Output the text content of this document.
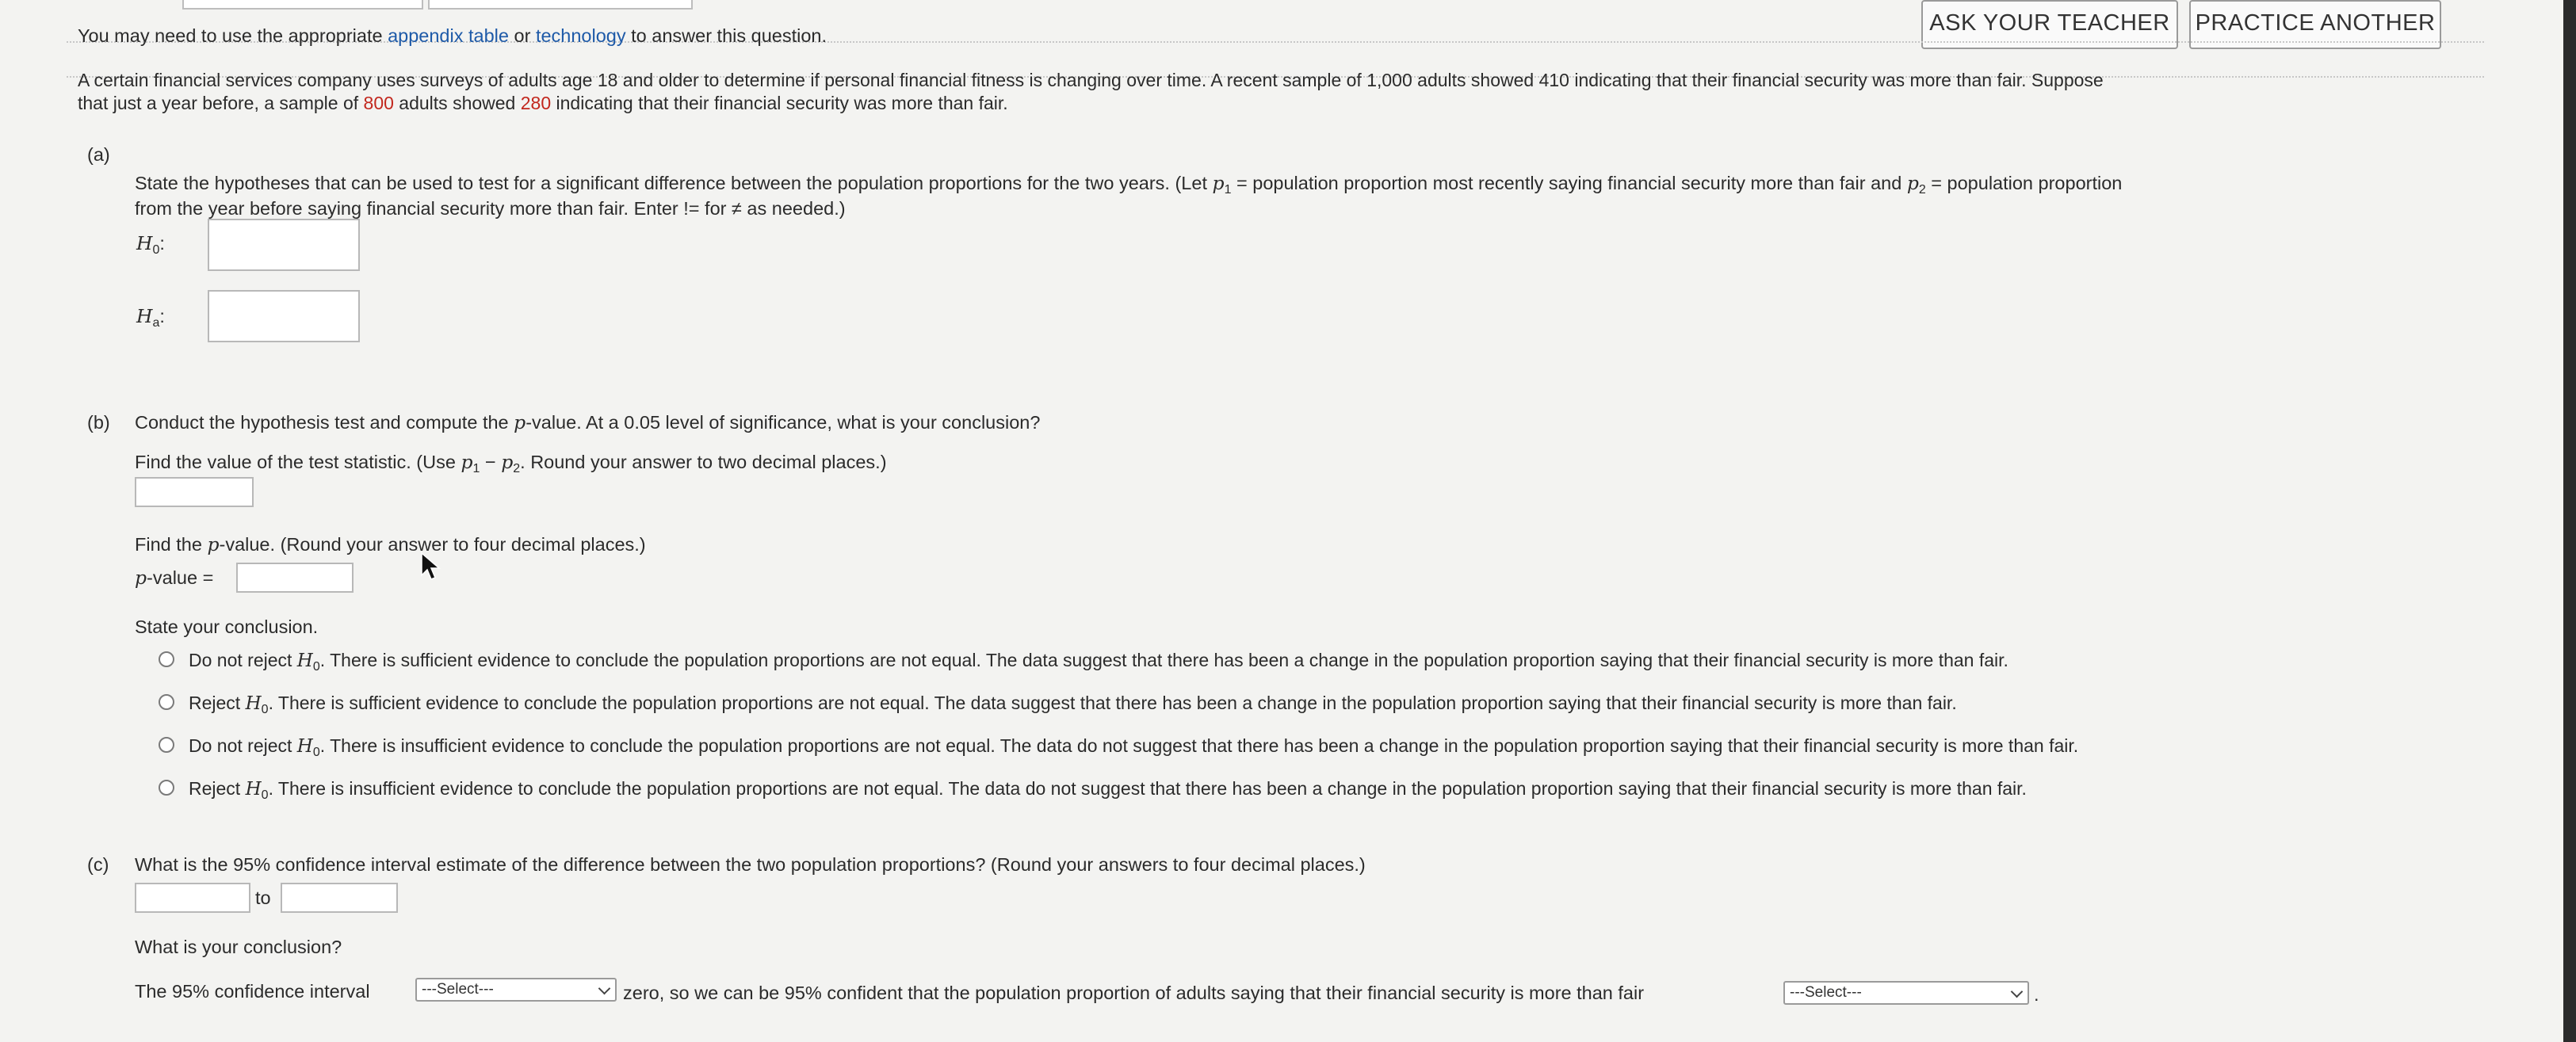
ASK YOUR TEACHER	PRACTICE ANOTHER
You may need to use the appropriate appendix table or technology to answer this question.
A certain financial services company uses surveys of adults age 18 and older to determine if personal financial fitness is changing over time. A recent sample of 1,000 adults showed 410 indicating that their financial security was more than fair. Suppose
that just a year before, a sample of 800 adults showed 280 indicating that their financial security was more than fair.
(a)
State the hypotheses that can be used to test for a significant difference between the population proportions for the two years. (Let $p_1$ = population proportion most recently saying financial security more than fair and $p_2$ = population proportion
from the year before saying financial security more than fair. Enter != for ≠ as needed.)
$H_0$:
$H_a$:
(b) Conduct the hypothesis test and compute the p-value. At a 0.05 level of significance, what is your conclusion?
Find the value of the test statistic. (Use $p_1 - p_2$. Round your answer to two decimal places.)
Find the p-value. (Round your answer to four decimal places.)
p-value =
State your conclusion.
Do not reject $H_0$. There is sufficient evidence to conclude the population proportions are not equal. The data suggest that there has been a change in the population proportion saying that their financial security is more than fair.
Reject $H_0$. There is sufficient evidence to conclude the population proportions are not equal. The data suggest that there has been a change in the population proportion saying that their financial security is more than fair.
Do not reject $H_0$. There is insufficient evidence to conclude the population proportions are not equal. The data do not suggest that there has been a change in the population proportion saying that their financial security is more than fair.
Reject $H_0$. There is insufficient evidence to conclude the population proportions are not equal. The data do not suggest that there has been a change in the population proportion saying that their financial security is more than fair.
(c) What is the 95% confidence interval estimate of the difference between the two population proportions? (Round your answers to four decimal places.)
to
What is your conclusion?
The 95% confidence interval	---Select---	zero, so we can be 95% confident that the population proportion of adults saying that their financial security is more than fair	---Select---	.
